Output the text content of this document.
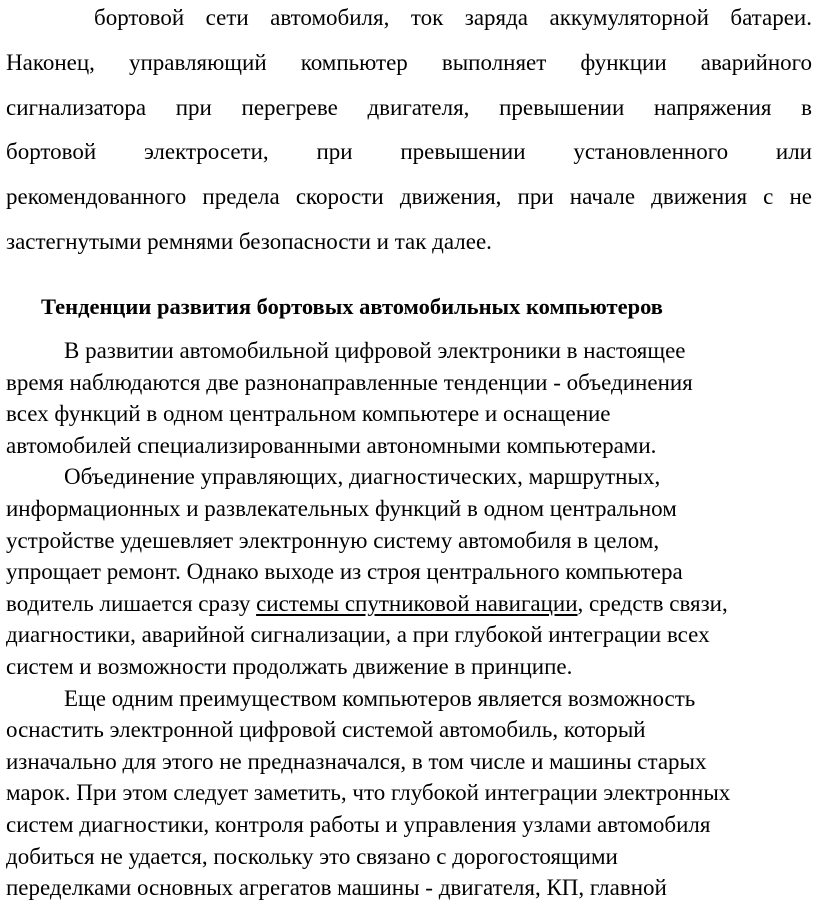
бортовой сети автомобиля, ток заряда аккумуляторной батареи.
Наконец, управляющий компьютер выполняет функции аварийного
сигнализатора при перегреве двигателя, превышении напряжения в
бортовой электросети, при превышении установленного или
рекомендованного предела скорости движения, при начале движения с не
застегнутыми ремнями безопасности и так далее.
Тенденции развития бортовых автомобильных компьютеров
В развитии автомобильной цифровой электроники в настоящее
время наблюдаются две разнонаправленные тенденции - объединения
всех функций в одном центральном компьютере и оснащение
автомобилей специализированными автономными компьютерами.
Объединение управляющих, диагностических, маршрутных,
информационных и развлекательных функций в одном центральном
устройстве удешевляет электронную систему автомобиля в целом,
упрощает ремонт. Однако выходе из строя центрального компьютера
водитель лишается сразу системы спутниковой навигации, средств связи,
диагностики, аварийной сигнализации, а при глубокой интеграции всех
систем и возможности продолжать движение в принципе.
Еще одним преимуществом компьютеров является возможность
оснастить электронной цифровой системой автомобиль, который
изначально для этого не предназначался, в том числе и машины старых
марок. При этом следует заметить, что глубокой интеграции электронных
систем диагностики, контроля работы и управления узлами автомобиля
добиться не удается, поскольку это связано с дорогостоящими
переделками основных агрегатов машины - двигателя, КП, главной
